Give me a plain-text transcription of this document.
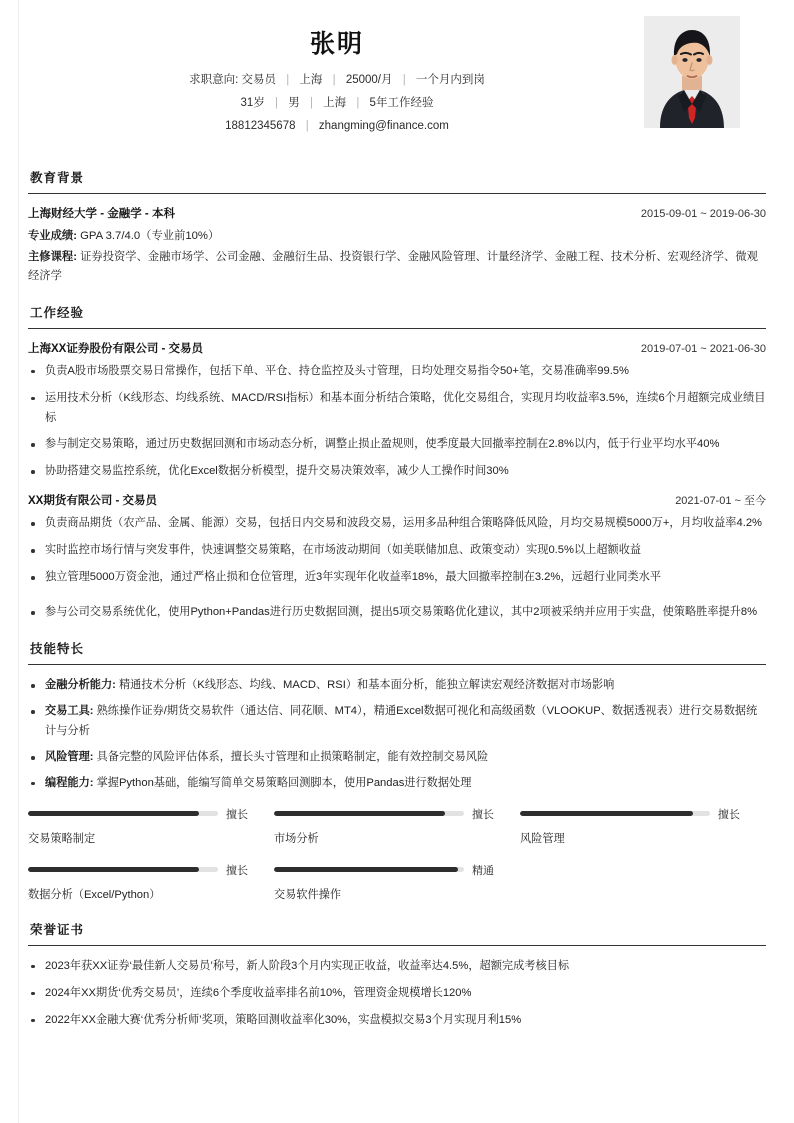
张明
求职意向: 交易员 | 上海 | 25000/月 | 一个月内到岗
31岁 | 男 | 上海 | 5年工作经验
18812345678 | zhangming@finance.com
教育背景
上海财经大学 - 金融学 - 本科	2015-09-01 ~ 2019-06-30
专业成绩: GPA 3.7/4.0（专业前10%）
主修课程: 证券投资学、金融市场学、公司金融、金融衍生品、投资银行学、金融风险管理、计量经济学、金融工程、技术分析、宏观经济学、微观经济学
工作经验
上海XX证券股份有限公司 - 交易员	2019-07-01 ~ 2021-06-30
负责A股市场股票交易日常操作，包括下单、平仓、持仓监控及头寸管理，日均处理交易指令50+笔，交易准确率99.5%
运用技术分析（K线形态、均线系统、MACD/RSI指标）和基本面分析结合策略，优化交易组合，实现月均收益率3.5%，连续6个月超额完成业绩目标
参与制定交易策略，通过历史数据回测和市场动态分析，调整止损止盈规则，使季度最大回撤率控制在2.8%以内，低于行业平均水平40%
协助搭建交易监控系统，优化Excel数据分析模型，提升交易决策效率，减少人工操作时间30%
XX期货有限公司 - 交易员	2021-07-01 ~ 至今
负责商品期货（农产品、金属、能源）交易，包括日内交易和波段交易，运用多品种组合策略降低风险，月均交易规模5000万+，月均收益率4.2%
实时监控市场行情与突发事件，快速调整交易策略，在市场波动期间（如美联储加息、政策变动）实现0.5%以上超额收益
独立管理5000万资金池，通过严格止损和仓位管理，近3年实现年化收益率18%，最大回撤率控制在3.2%，远超行业同类水平
参与公司交易系统优化，使用Python+Pandas进行历史数据回测，提出5项交易策略优化建议，其中2项被采纳并应用于实盘，使策略胜率提升8%
技能特长
金融分析能力: 精通技术分析（K线形态、均线、MACD、RSI）和基本面分析，能独立解读宏观经济数据对市场影响
交易工具: 熟练操作证券/期货交易软件（通达信、同花顺、MT4），精通Excel数据可视化和高级函数（VLOOKUP、数据透视表）进行交易数据统计与分析
风险管理: 具备完整的风险评估体系，擅长头寸管理和止损策略制定，能有效控制交易风险
编程能力: 掌握Python基础，能编写简单交易策略回测脚本，使用Pandas进行数据处理
擅长
交易策略制定
擅长
市场分析
擅长
风险管理
擅长
数据分析（Excel/Python）
精通
交易软件操作
荣誉证书
2023年获XX证券‘最佳新人交易员’称号，新人阶段3个月内实现正收益，收益率达4.5%，超额完成考核目标
2024年XX期货‘优秀交易员’，连续6个季度收益率排名前10%，管理资金规模增长120%
2022年XX金融大赛‘优秀分析师’奖项，策略回测收益率化30%，实盘模拟交易3个月实现月利15%
